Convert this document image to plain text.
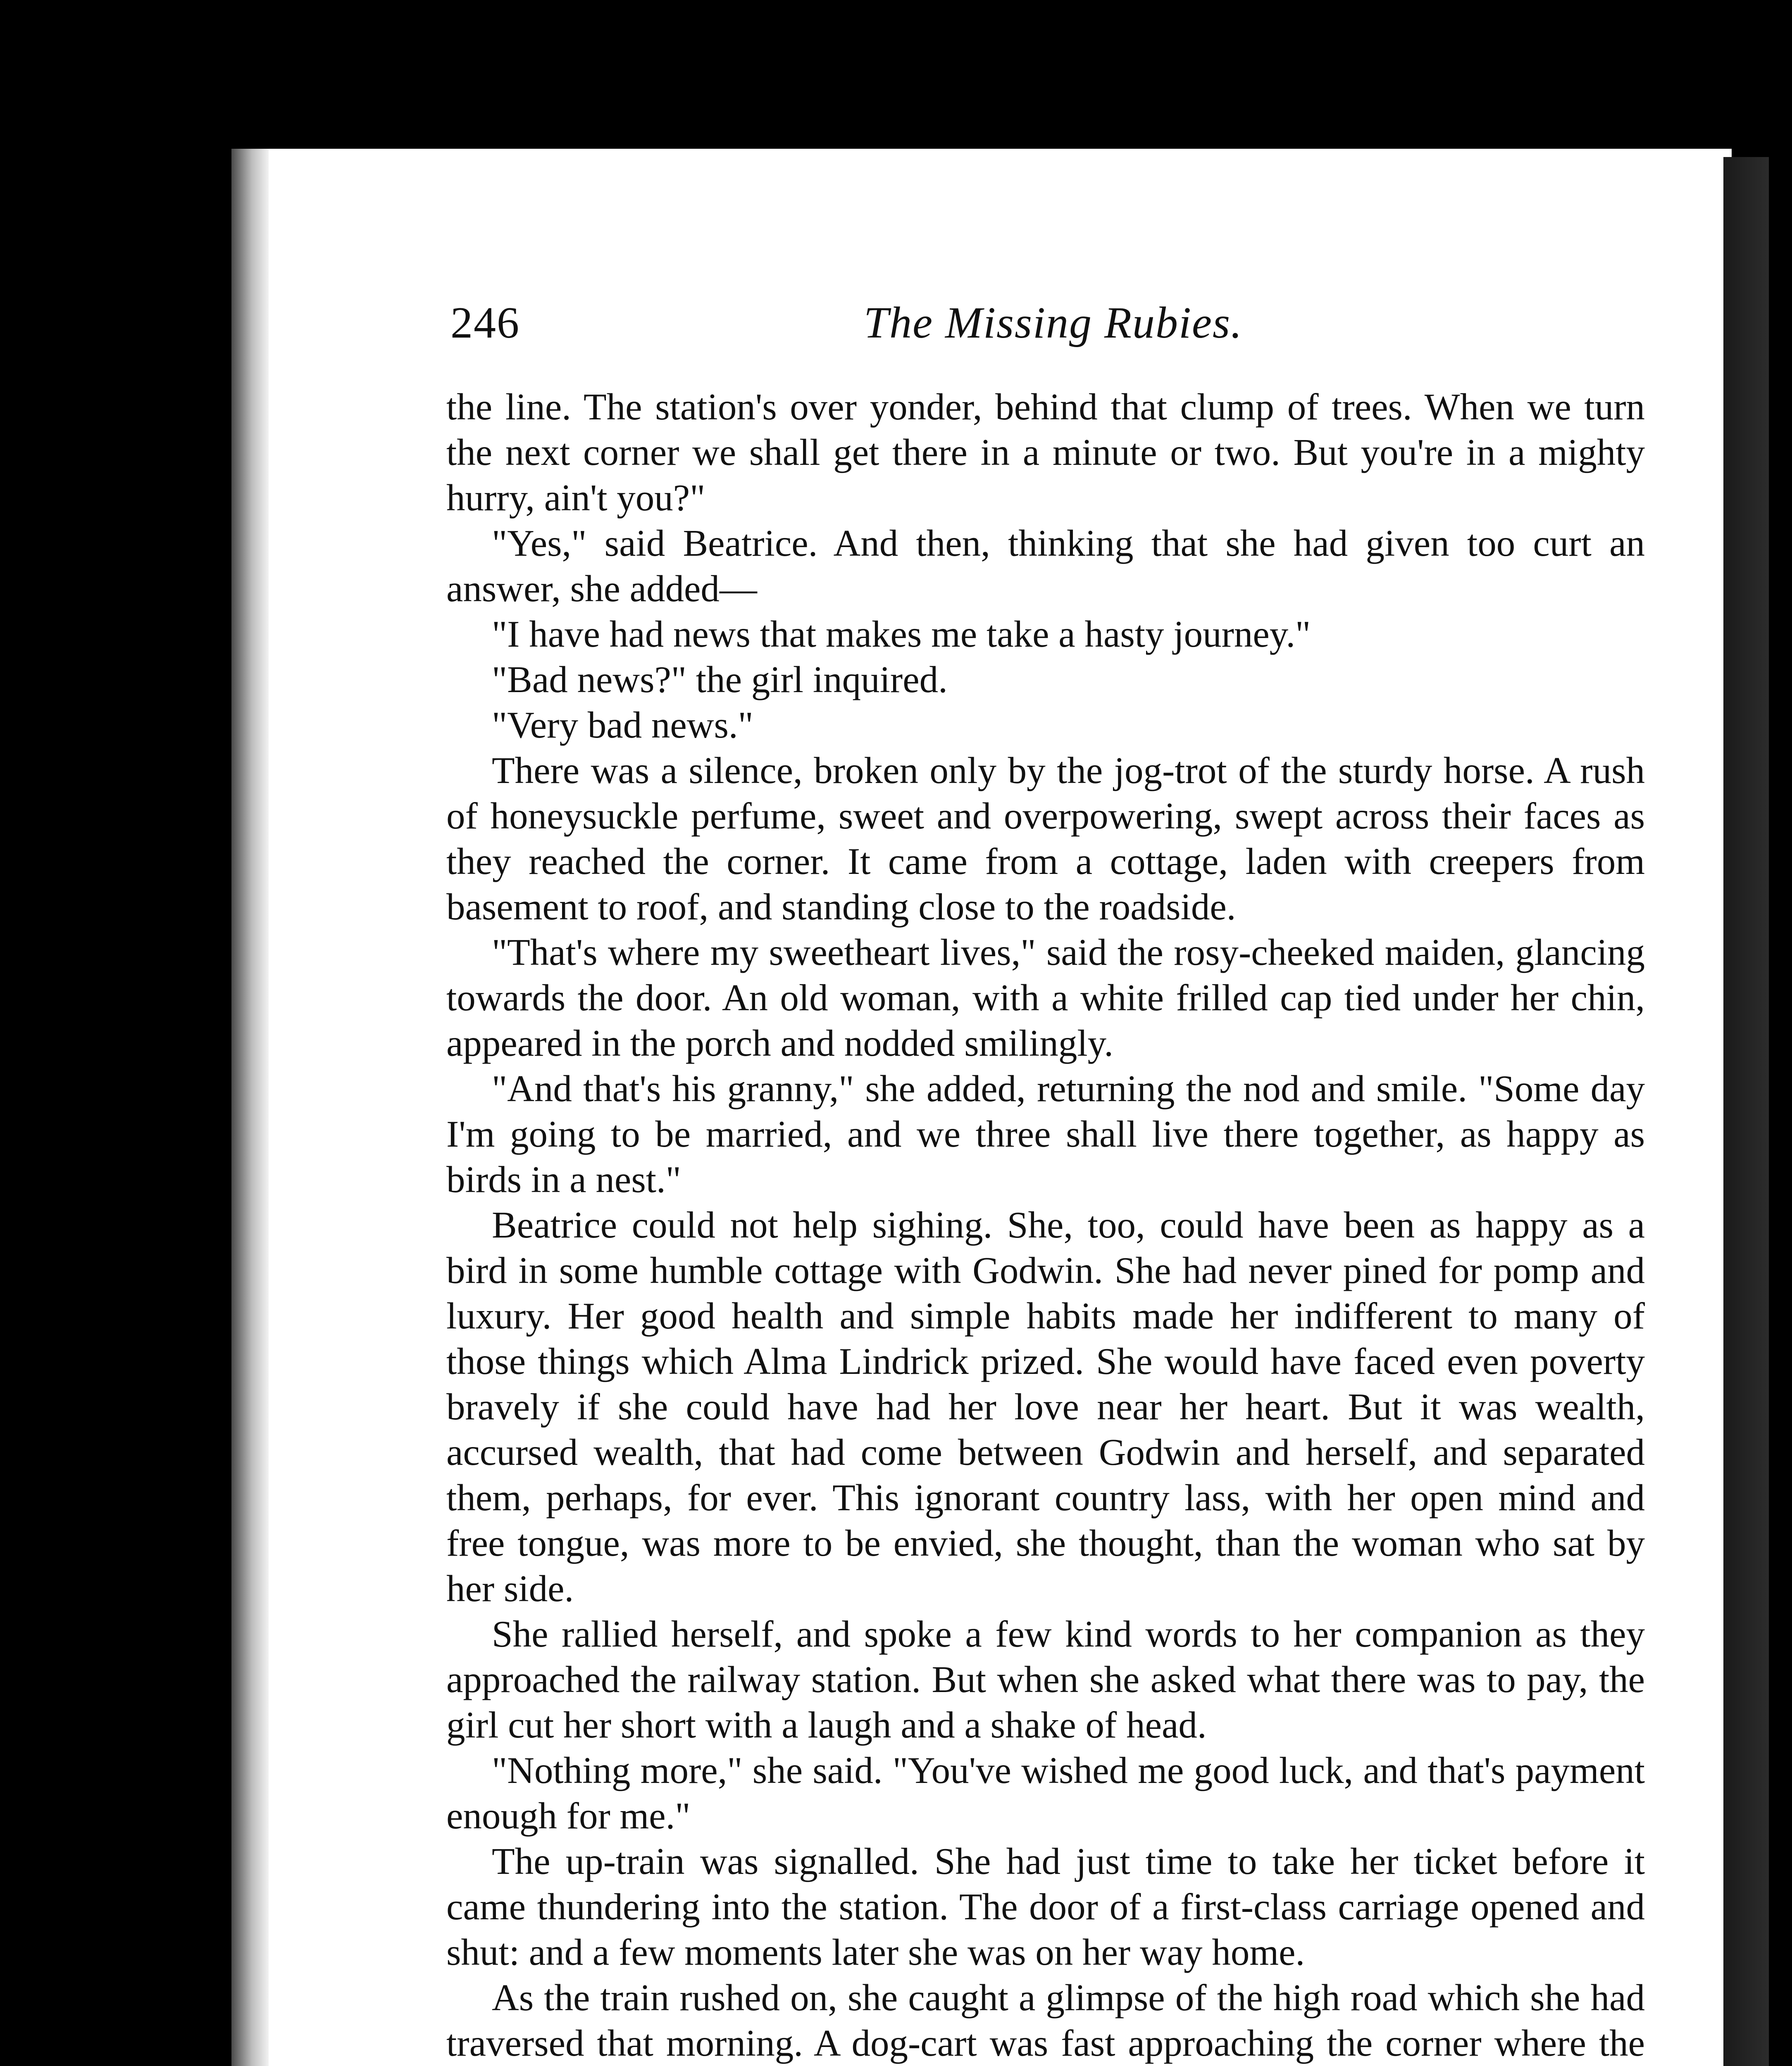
246	The Missing Rubies.

the line. The station's over yonder, behind that clump of trees. When we turn the next corner we shall get there in a minute or two. But you're in a mighty hurry, ain't you?"

"Yes," said Beatrice. And then, thinking that she had given too curt an answer, she added—

"I have had news that makes me take a hasty journey."

"Bad news?" the girl inquired.

"Very bad news."

There was a silence, broken only by the jog-trot of the sturdy horse. A rush of honeysuckle perfume, sweet and overpowering, swept across their faces as they reached the corner. It came from a cottage, laden with creepers from basement to roof, and standing close to the roadside.

"That's where my sweetheart lives," said the rosy-cheeked maiden, glancing towards the door. An old woman, with a white frilled cap tied under her chin, appeared in the porch and nodded smilingly.

"And that's his granny," she added, returning the nod and smile. "Some day I'm going to be married, and we three shall live there together, as happy as birds in a nest."

Beatrice could not help sighing. She, too, could have been as happy as a bird in some humble cottage with Godwin. She had never pined for pomp and luxury. Her good health and simple habits made her indifferent to many of those things which Alma Lindrick prized. She would have faced even poverty bravely if she could have had her love near her heart. But it was wealth, accursed wealth, that had come between Godwin and herself, and separated them, perhaps, for ever. This ignorant country lass, with her open mind and free tongue, was more to be envied, she thought, than the woman who sat by her side.

She rallied herself, and spoke a few kind words to her companion as they approached the railway station. But when she asked what there was to pay, the girl cut her short with a laugh and a shake of head.

"Nothing more," she said. "You've wished me good luck, and that's payment enough for me."

The up-train was signalled. She had just time to take her ticket before it came thundering into the station. The door of a first-class carriage opened and shut: and a few moments later she was on her way home.

As the train rushed on, she caught a glimpse of the high road which she had traversed that morning. A dog-cart was fast approaching the corner where the
